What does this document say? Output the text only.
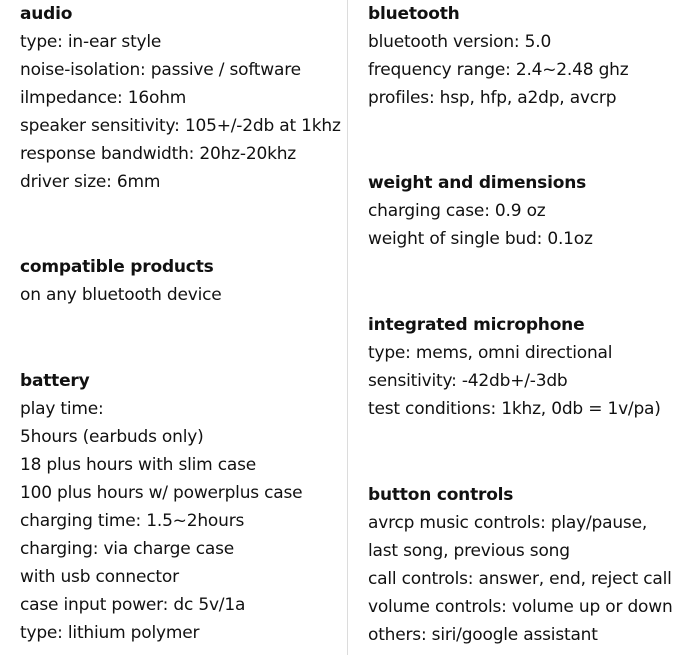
audio
type: in-ear style
noise-isolation: passive / software
ilmpedance: 16ohm
speaker sensitivity: 105+/-2db at 1khz
response bandwidth: 20hz-20khz
driver size: 6mm
compatible products
on any bluetooth device
battery
play time:
5hours (earbuds only)
18 plus hours with slim case
100 plus hours w/ powerplus case
charging time: 1.5~2hours
charging: via charge case
with usb connector
case input power: dc 5v/1a
type: lithium polymer
bluetooth
bluetooth version: 5.0
frequency range: 2.4~2.48 ghz
profiles: hsp, hfp, a2dp, avcrp
weight and dimensions
charging case: 0.9 oz
weight of single bud: 0.1oz
integrated microphone
type: mems, omni directional
sensitivity: -42db+/-3db
test conditions: 1khz, 0db = 1v/pa)
button controls
avrcp music controls: play/pause,
last song, previous song
call controls: answer, end, reject call
volume controls: volume up or down
others: siri/google assistant
